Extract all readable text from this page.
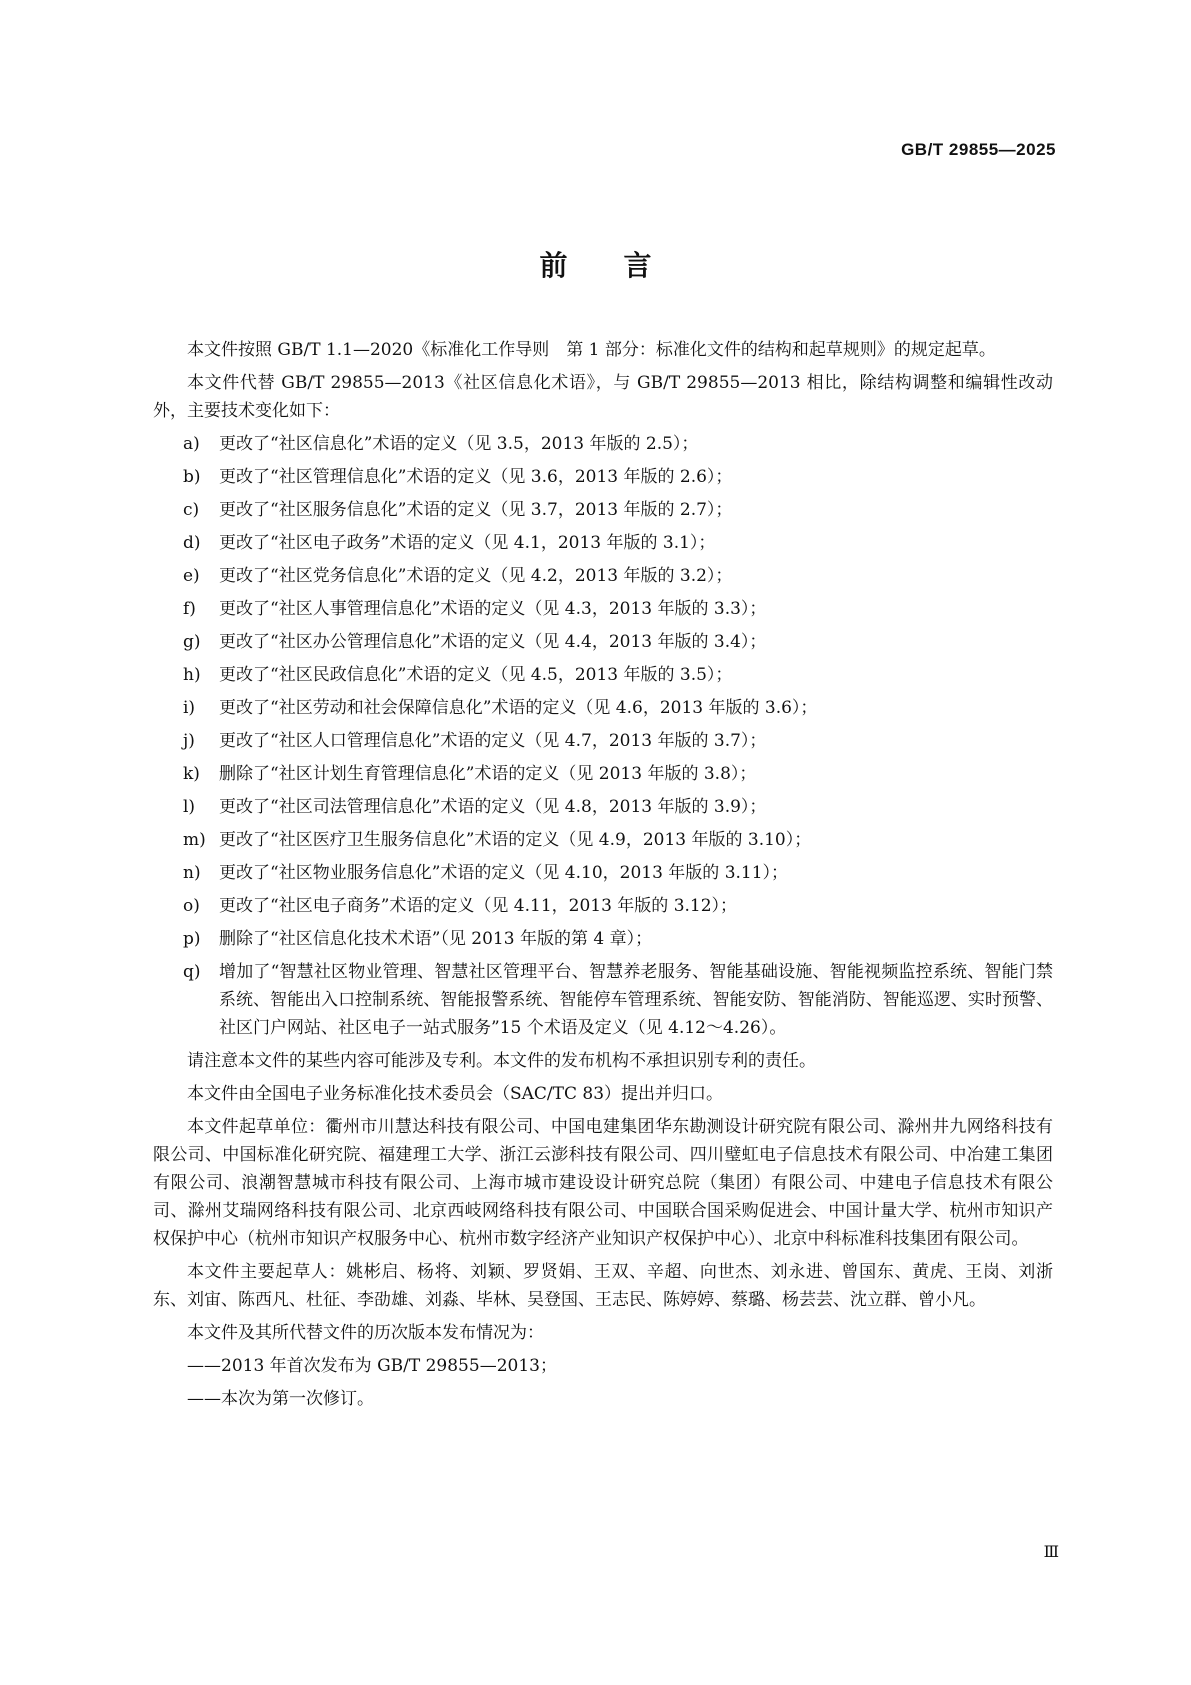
GB/T 29855—2025
前言

本文件按照 GB/T 1.1—2020《标准化工作导则　第 1 部分：标准化文件的结构和起草规则》的规定起草。

本文件代替 GB/T 29855—2013《社区信息化术语》，与 GB/T 29855—2013 相比，除结构调整和编辑性改动外，主要技术变化如下：

a) 更改了“社区信息化”术语的定义（见 3.5，2013 年版的 2.5）；
b) 更改了“社区管理信息化”术语的定义（见 3.6，2013 年版的 2.6）；
c) 更改了“社区服务信息化”术语的定义（见 3.7，2013 年版的 2.7）；
d) 更改了“社区电子政务”术语的定义（见 4.1，2013 年版的 3.1）；
e) 更改了“社区党务信息化”术语的定义（见 4.2，2013 年版的 3.2）；
f) 更改了“社区人事管理信息化”术语的定义（见 4.3，2013 年版的 3.3）；
g) 更改了“社区办公管理信息化”术语的定义（见 4.4，2013 年版的 3.4）；
h) 更改了“社区民政信息化”术语的定义（见 4.5，2013 年版的 3.5）；
i) 更改了“社区劳动和社会保障信息化”术语的定义（见 4.6，2013 年版的 3.6）；
j) 更改了“社区人口管理信息化”术语的定义（见 4.7，2013 年版的 3.7）；
k) 删除了“社区计划生育管理信息化”术语的定义（见 2013 年版的 3.8）；
l) 更改了“社区司法管理信息化”术语的定义（见 4.8，2013 年版的 3.9）；
m) 更改了“社区医疗卫生服务信息化”术语的定义（见 4.9，2013 年版的 3.10）；
n) 更改了“社区物业服务信息化”术语的定义（见 4.10，2013 年版的 3.11）；
o) 更改了“社区电子商务”术语的定义（见 4.11，2013 年版的 3.12）；
p) 删除了“社区信息化技术术语”（见 2013 年版的第 4 章）；
q) 增加了“智慧社区物业管理、智慧社区管理平台、智慧养老服务、智能基础设施、智能视频监控系统、智能门禁系统、智能出入口控制系统、智能报警系统、智能停车管理系统、智能安防、智能消防、智能巡逻、实时预警、社区门户网站、社区电子一站式服务”15 个术语及定义（见 4.12～4.26）。

请注意本文件的某些内容可能涉及专利。本文件的发布机构不承担识别专利的责任。

本文件由全国电子业务标准化技术委员会（SAC/TC 83）提出并归口。

本文件起草单位：衢州市川慧达科技有限公司、中国电建集团华东勘测设计研究院有限公司、滁州井九网络科技有限公司、中国标准化研究院、福建理工大学、浙江云澎科技有限公司、四川璧虹电子信息技术有限公司、中冶建工集团有限公司、浪潮智慧城市科技有限公司、上海市城市建设设计研究总院（集团）有限公司、中建电子信息技术有限公司、滁州艾瑞网络科技有限公司、北京西岐网络科技有限公司、中国联合国采购促进会、中国计量大学、杭州市知识产权保护中心（杭州市知识产权服务中心、杭州市数字经济产业知识产权保护中心）、北京中科标准科技集团有限公司。

本文件主要起草人：姚彬启、杨将、刘颖、罗贤娟、王双、辛超、向世杰、刘永进、曾国东、黄虎、王岗、刘浙东、刘宙、陈西凡、杜征、李劭雄、刘淼、毕林、吴登国、王志民、陈婷婷、蔡璐、杨芸芸、沈立群、曾小凡。

本文件及其所代替文件的历次版本发布情况为：

——2013 年首次发布为 GB/T 29855—2013；
——本次为第一次修订。
Ⅲ
